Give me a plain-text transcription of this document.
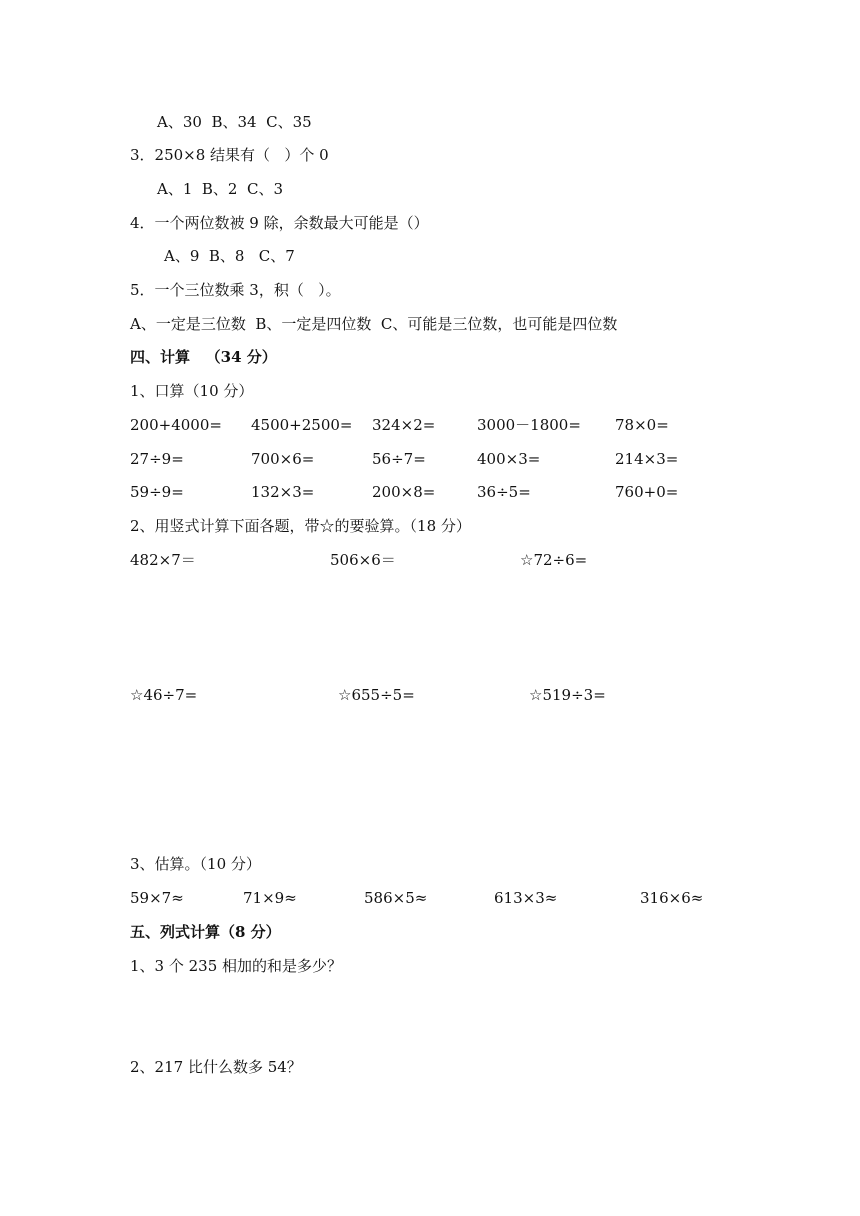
A、30  B、34  C、35
3．250×8 结果有（   ）个 0
A、1  B、2  C、3
4．一个两位数被 9 除，余数最大可能是（）
A、9  B、8   C、7
5．一个三位数乘 3，积（   ）。
A、一定是三位数  B、一定是四位数  C、可能是三位数，也可能是四位数
四、计算   （34 分）
1、口算（10 分）
200+4000= 4500+2500= 324×2=	3000－1800= 78×0=
27÷9=	700×6=	56÷7=	400×3=	214×3=
59÷9=	132×3=	200×8=	36÷5=	760+0=
2、用竖式计算下面各题，带☆的要验算。（18 分）
482×7＝	506×6＝	☆72÷6=
☆46÷7=	☆655÷5=	☆519÷3=
3、估算。（10 分）
59×7≈	71×9≈	586×5≈	613×3≈	316×6≈
五、列式计算（8 分）
1、3 个 235 相加的和是多少？
2、217 比什么数多 54？
